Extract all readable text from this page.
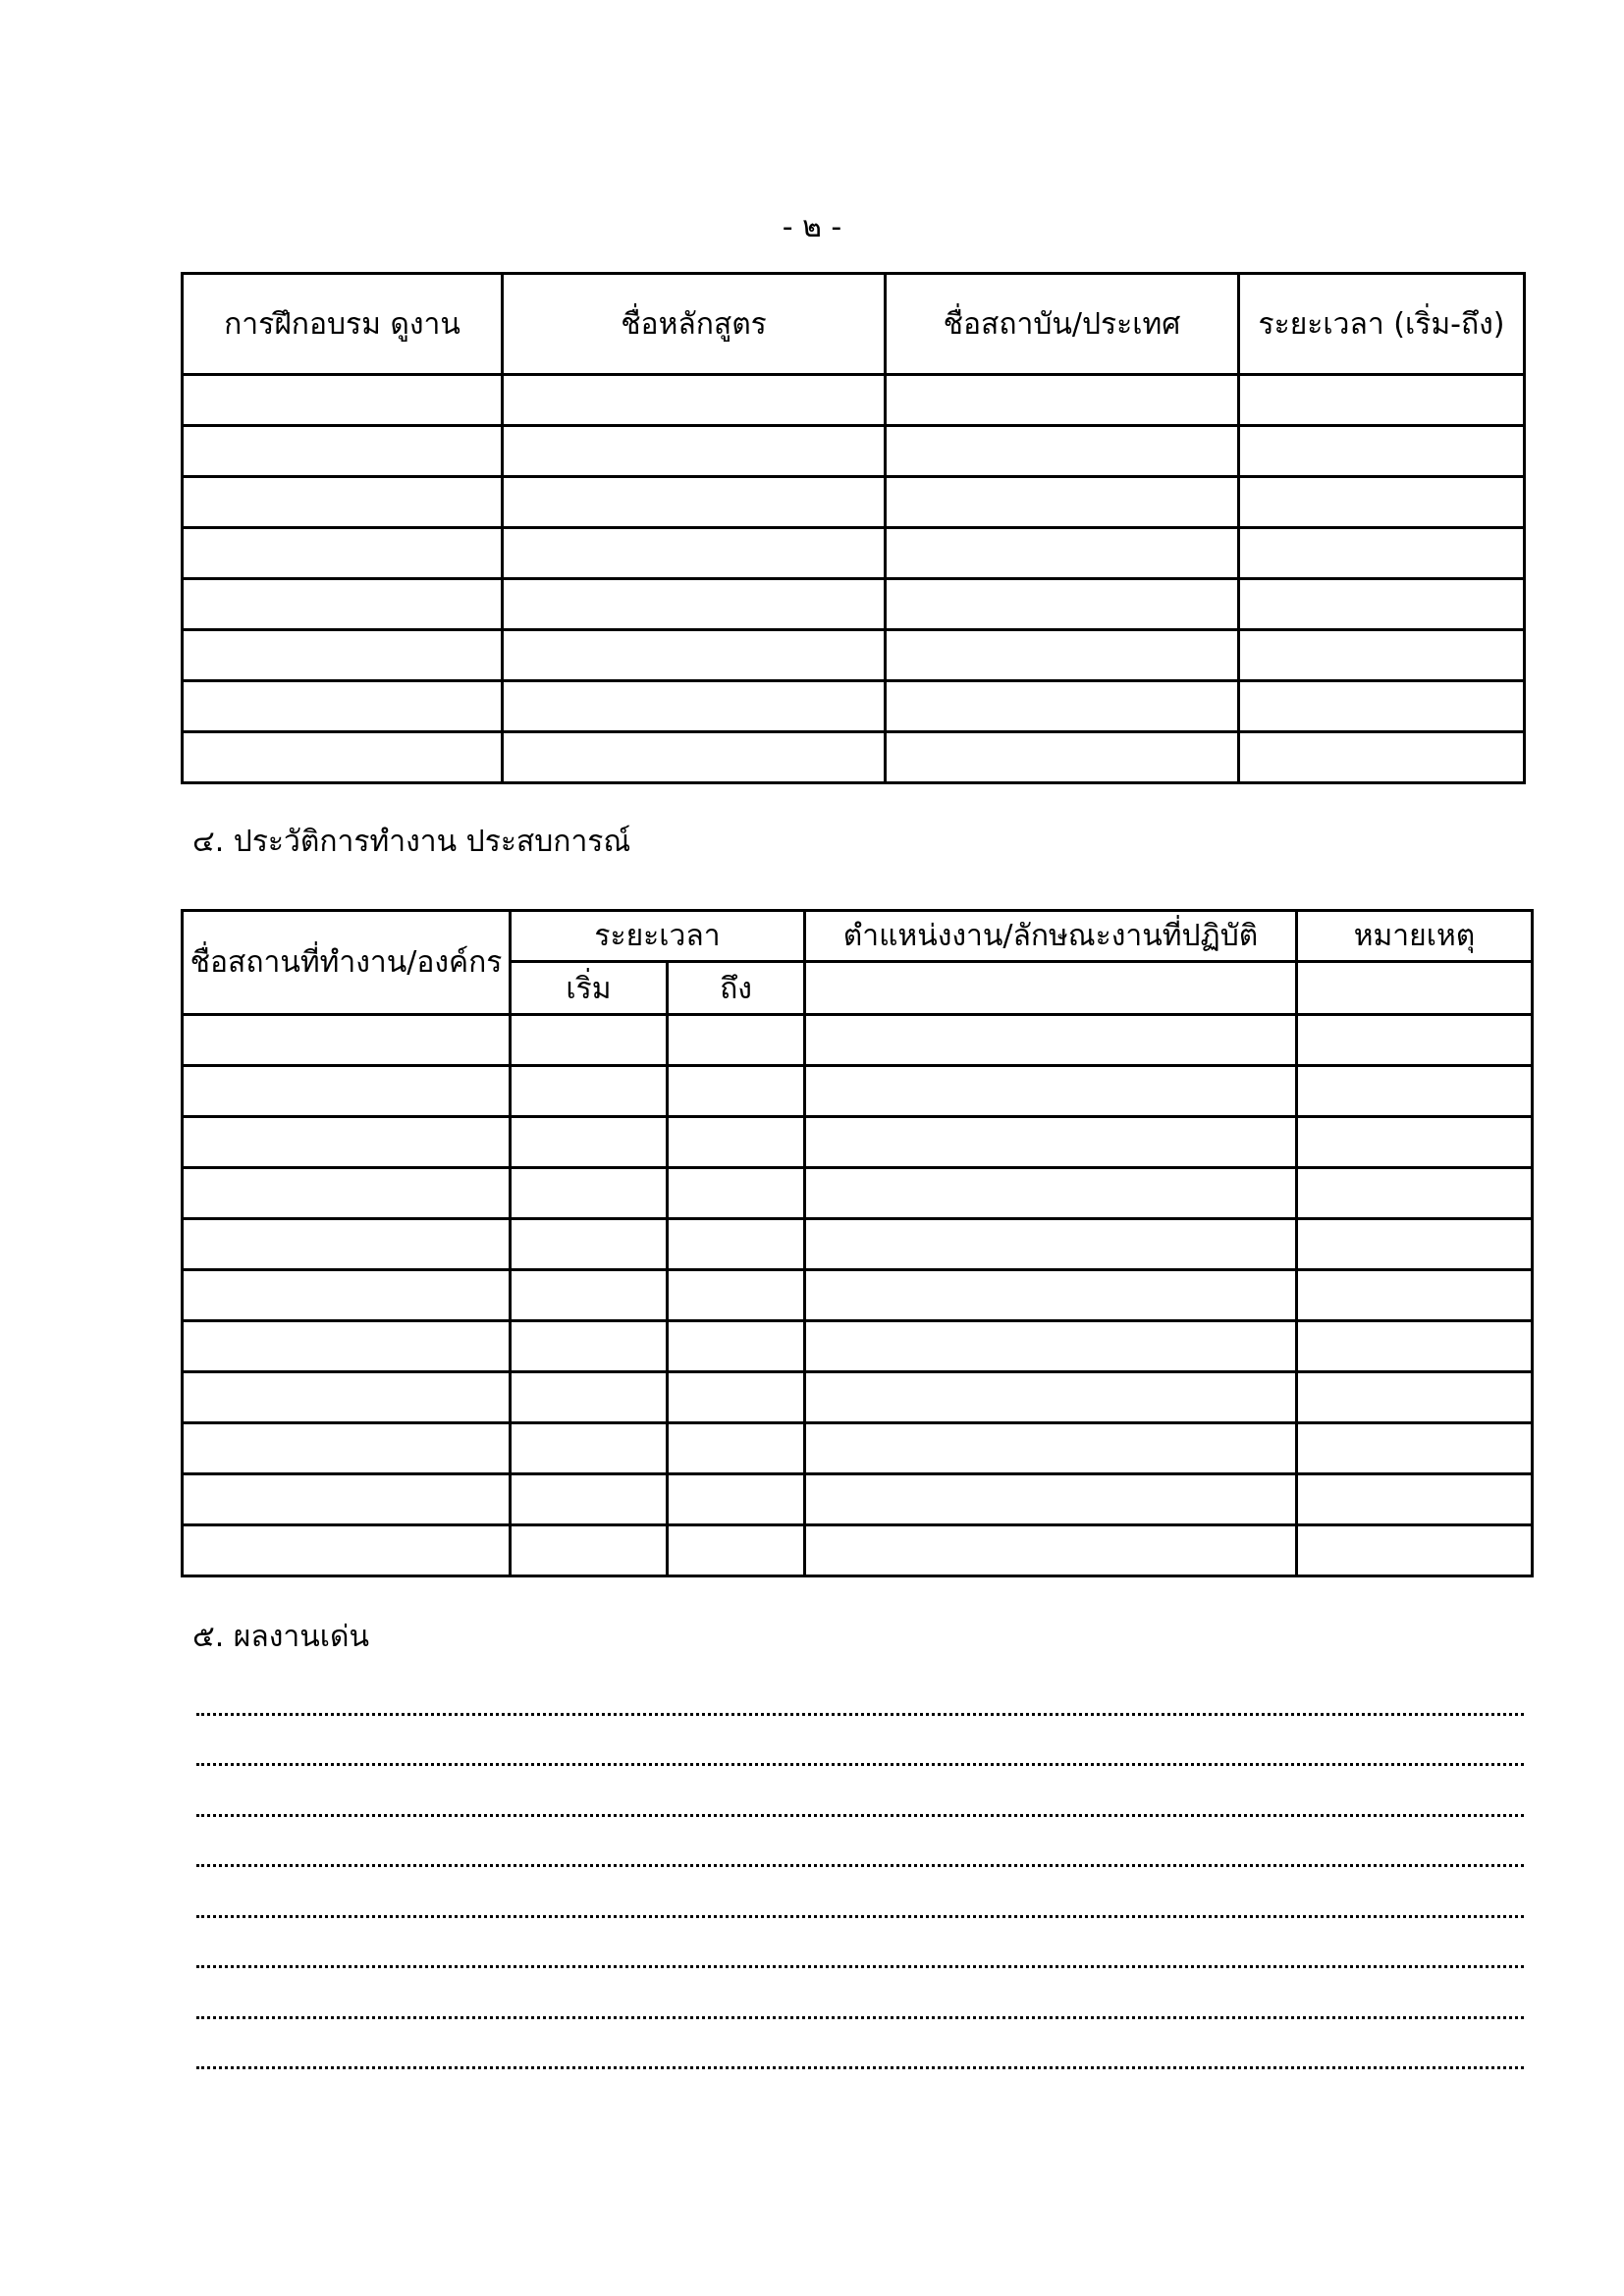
- ๒ -
การฝึกอบรม ดูงาน	ชื่อหลักสูตร	ชื่อสถาบัน/ประเทศ	ระยะเวลา (เริ่ม-ถึง)

๔. ประวัติการทำงาน ประสบการณ์
ชื่อสถานที่ทำงาน/องค์กร	ระยะเวลา		ตำแหน่งงาน/ลักษณะงานที่ปฏิบัติ	หมายเหตุ
	เริ่ม	ถึง		

๕. ผลงานเด่น
